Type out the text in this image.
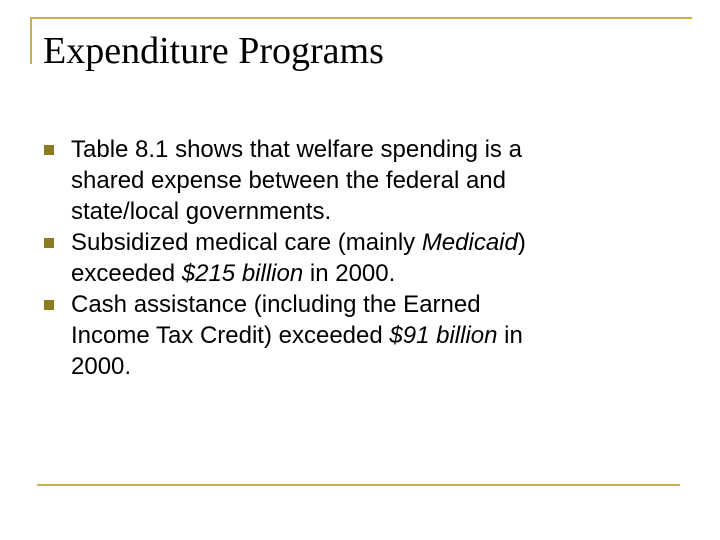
Expenditure Programs
Table 8.1 shows that welfare spending is a
shared expense between the federal and
state/local governments.
Subsidized medical care (mainly Medicaid)
exceeded $215 billion in 2000.
Cash assistance (including the Earned
Income Tax Credit) exceeded $91 billion in
2000.
